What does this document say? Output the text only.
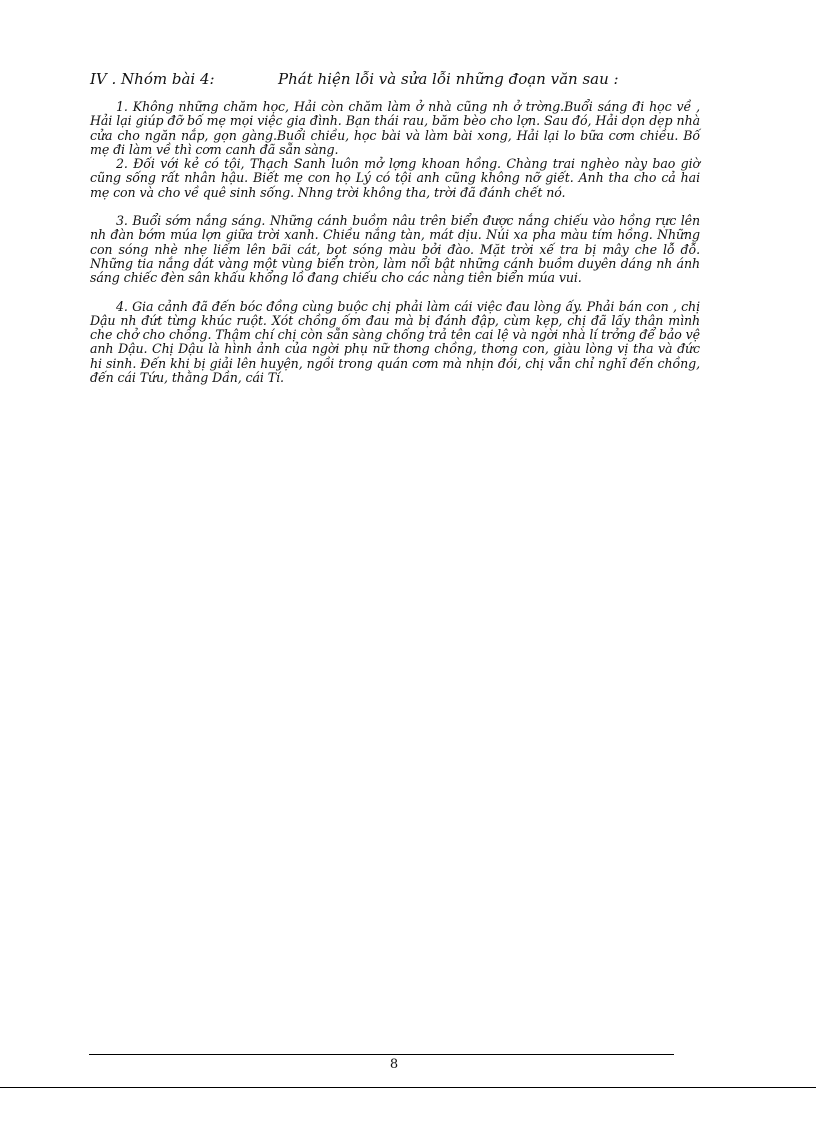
IV . Nhóm bài 4:	Phát hiện lỗi và sửa lỗi những đoạn văn sau :

1. Không những chăm học, Hải còn chăm làm ở nhà cũng nh ở trờng.Buổi sáng đi học về , Hải lại giúp đỡ bố mẹ mọi việc gia đình. Bạn thái rau, băm bèo cho lợn. Sau đó, Hải dọn dẹp nhà cửa cho ngăn nắp, gọn gàng.Buổi chiều, học bài và làm bài xong, Hải lại lo bữa cơm chiều. Bố mẹ đi làm về thì cơm canh đã sẵn sàng.

2. Đối với kẻ có tội, Thạch Sanh luôn mở lợng khoan hồng. Chàng trai nghèo này bao giờ cũng sống rất nhân hậu. Biết mẹ con họ Lý có tội anh cũng không nỡ giết. Anh tha cho cả hai mẹ con và cho về quê sinh sống. Nhng trời không tha, trời đã đánh chết nó.

3. Buổi sớm nắng sáng. Những cánh buồm nâu trên biển được nắng chiếu vào hồng rực lên nh đàn bớm múa lợn giữa trời xanh. Chiều nắng tàn, mát dịu. Núi xa pha màu tím hồng. Những con sóng nhè nhẹ liếm lên bãi cát, bọt sóng màu bởi đào. Mặt trời xế tra bị mây che lỗ đỗ. Những tia nắng dát vàng một vùng biển tròn, làm nổi bật những cánh buồm duyên dáng nh ánh sáng chiếc đèn sân khấu khổng lồ đang chiếu cho các nàng tiên biển múa vui.

4. Gia cảnh đã đến bóc đồng cùng buộc chị phải làm cái việc đau lòng ấy. Phải bán con , chị Dậu nh đứt từng khúc ruột. Xót chồng ốm đau mà bị đánh đập, cùm kẹp, chị đã lấy thân mình che chở cho chồng. Thậm chí chị còn sẵn sàng chống trả tên cai lệ và ngời nhà lí trởng để bảo vệ anh Dậu. Chị Dậu là hình ảnh của ngời phụ nữ thơng chồng, thơng con, giàu lòng vị tha và đức hi sinh. Đến khi bị giải lên huyện, ngồi trong quán cơm mà nhịn đói, chị vẫn chỉ nghĩ đến chồng, đến cái Tứu, thằng Dần, cái Tí.

8
